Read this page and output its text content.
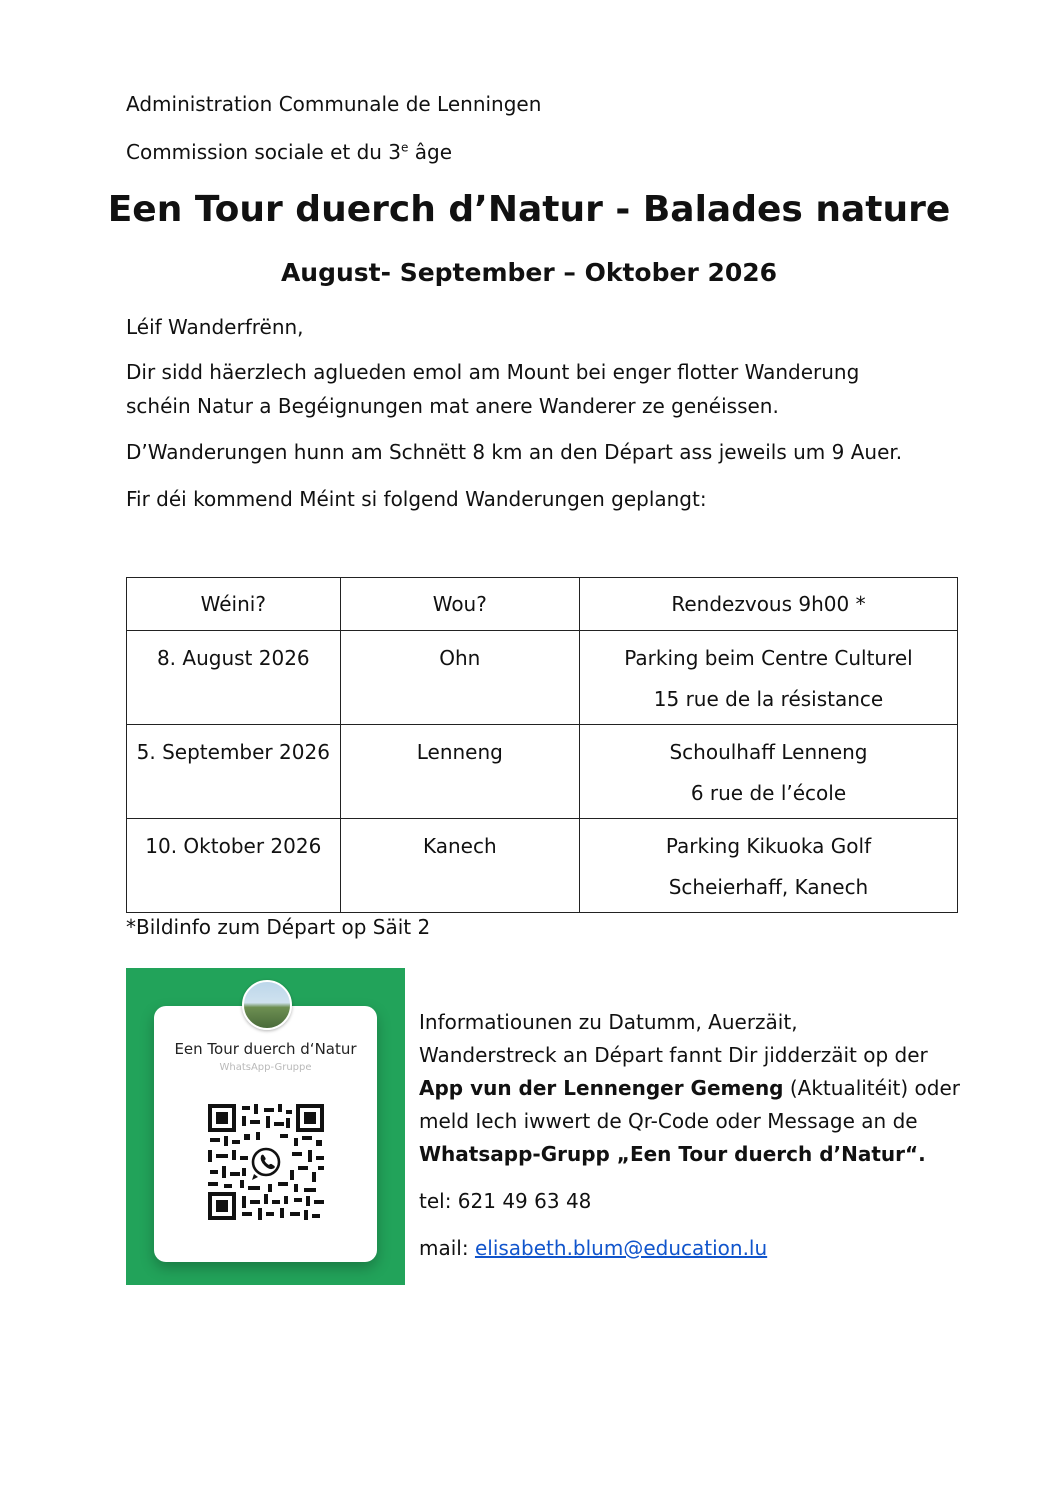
Administration Communale de Lenningen
Commission sociale et du 3e âge
Een Tour duerch d’Natur - Balades nature
August- September – Oktober 2026
Léif Wanderfrënn,
Dir sidd häerzlech aglueden emol am Mount bei enger flotter Wanderung
schéin Natur a Begéignungen mat anere Wanderer ze genéissen.
D’Wanderungen hunn am Schnëtt 8 km an den Départ ass jeweils um 9 Auer.
Fir déi kommend Méint si folgend Wanderungen geplangt:
Wéini?	Wou?	Rendezvous 9h00 *

8. August 2026	Ohn	Parking beim Centre Culturel
15 rue de la résistance

5. September 2026	Lenneng	Schoulhaff Lenneng
6 rue de l’école

10. Oktober 2026	Kanech	Parking Kikuoka Golf
Scheierhaff, Kanech
*Bildinfo zum Départ op Säit 2
Een Tour duerch d‘Natur
WhatsApp-Gruppe
Informatiounen zu Datumm, Auerzäit,
Wanderstreck an Départ fannt Dir jidderzäit op der
App vun der Lennenger Gemeng (Aktualitéit) oder
meld Iech iwwert de Qr-Code oder Message an de
Whatsapp-Grupp „Een Tour duerch d’Natur“.
tel: 621 49 63 48
mail: elisabeth.blum@education.lu
